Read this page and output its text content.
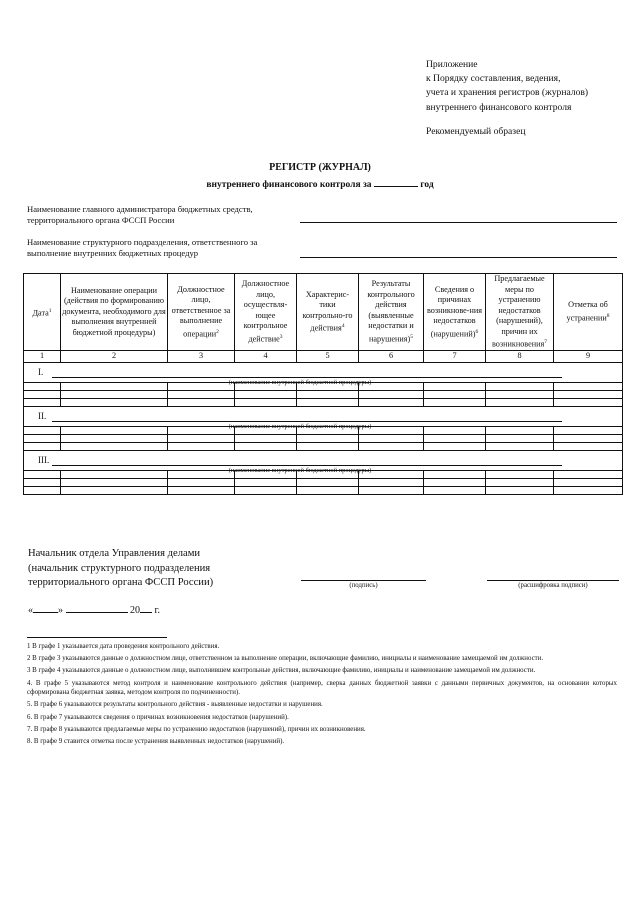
Приложение
к Порядку составления, ведения,
учета и хранения регистров (журналов)
внутреннего финансового контроля
Рекомендуемый образец
РЕГИСТР (ЖУРНАЛ)
внутреннего финансового контроля за	год
Наименование главного администратора бюджетных средств,
территориального органа ФССП России
Наименование структурного подразделения, ответственного за
выполнение внутренних бюджетных процедур
Дата$^1$	Наименование операции (действия по формированию документа, необходимого для выполнения внутренней бюджетной процедуры)	Должностное лицо, ответственное за выполнение операции$^2$	Должностное лицо, осуществля-ющее контрольное действие$^3$	Характерис-тики контрольно-го действия$^4$	Результаты контрольного действия (выявленные недостатки и нарушения)$^5$	Сведения о причинах возникнове-ния недостатков (нарушений)$^6$	Предлагаемые меры по устранению недостатков (нарушений), причин их возникновения$^7$	Отметка об устранении$^8$
1	2	3	4	5	6	7	8	9

I.
(наименование внутренней бюджетной процедуры)								

II.
(наименование внутренней бюджетной процедуры)								

III.
(наименование внутренней бюджетной процедуры)								

Начальник отдела Управления делами
(начальник структурного подразделения
территориального органа ФССП России)	(подпись)	(расшифровка подписи)
«	»	20 г.

1 В графе 1 указывается дата проведения контрольного действия.

2 В графе 3 указываются данные о должностном лице, ответственном за выполнение операции, включающие фамилию, инициалы и наименование замещаемой им должности.

3 В графе 4 указываются данные о должностном лице, выполнившем контрольные действия, включающие фамилию, инициалы и наименование замещаемой им должности.

4. В графе 5 указываются метод контроля и наименование контрольного действия (например, сверка данных бюджетной заявки с данными первичных документов, на основании которых сформирована бюджетная заявка, методом контроля по подчиненности).

5. В графе 6 указываются результаты контрольного действия - выявленные недостатки и нарушения.

6. В графе 7 указываются сведения о причинах возникновения недостатков (нарушений).

7. В графе 8 указываются предлагаемые меры по устранению недостатков (нарушений), причин их возникновения.

8. В графе 9 ставится отметка после устранения выявленных недостатков (нарушений).
